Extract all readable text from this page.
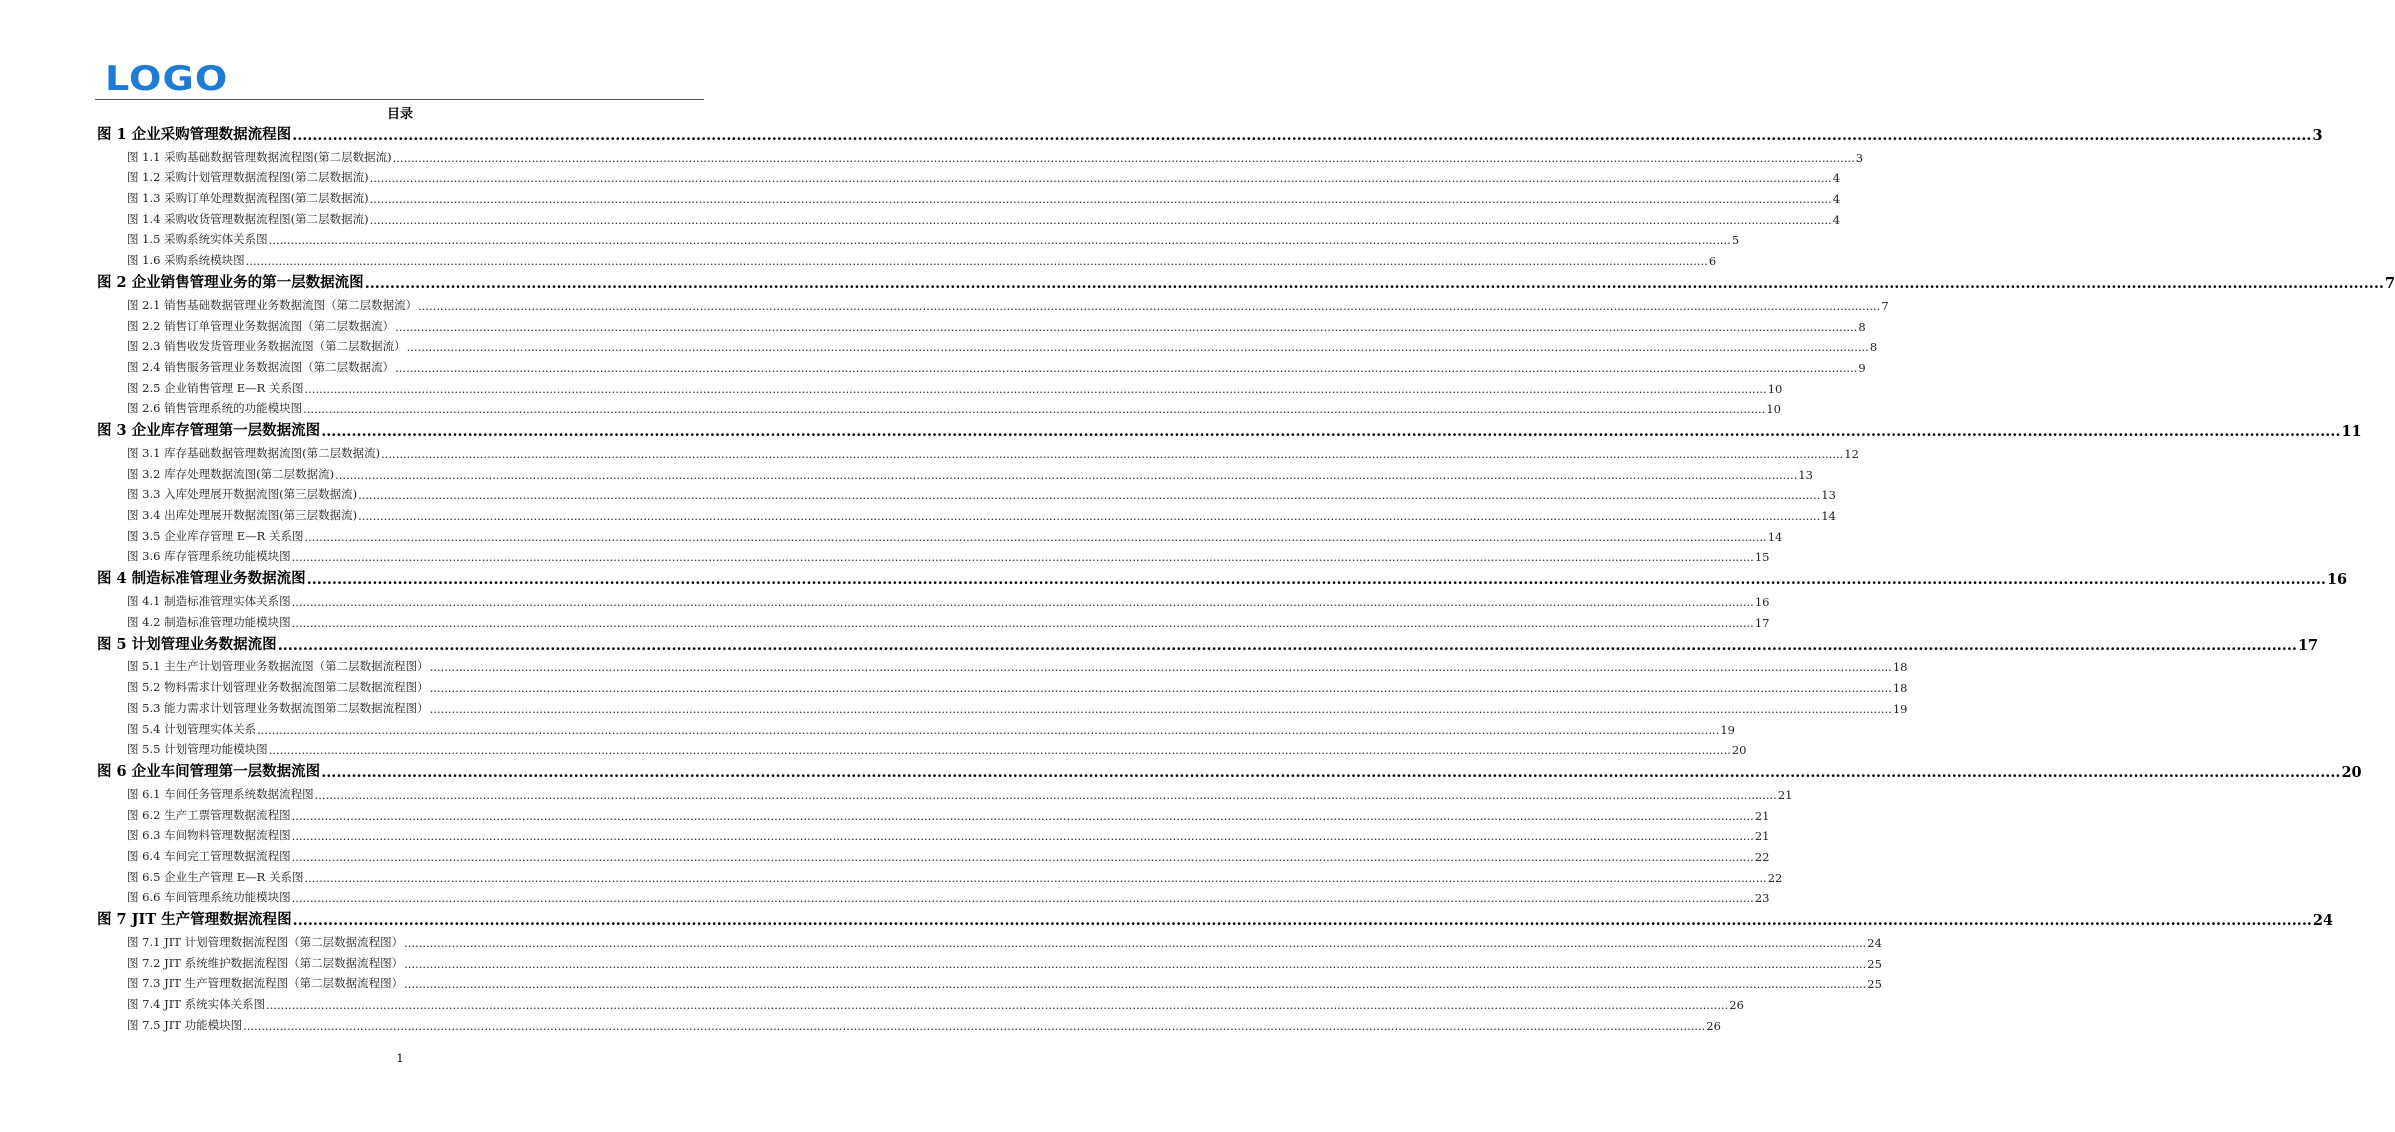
LOGO
目录
图 1 企业采购管理数据流程图 ................................................................................................................................................................................................................................................................................................................................................................................................................ 3
图 1.1 采购基础数据管理数据流程图(第二层数据流) ................................................................................................................................................................................................................................................................................................................................................................................................................ 3
图 1.2 采购计划管理数据流程图(第二层数据流) ................................................................................................................................................................................................................................................................................................................................................................................................................ 4
图 1.3 采购订单处理数据流程图(第二层数据流) ................................................................................................................................................................................................................................................................................................................................................................................................................ 4
图 1.4 采购收货管理数据流程图(第二层数据流) ................................................................................................................................................................................................................................................................................................................................................................................................................ 4
图 1.5 采购系统实体关系图 ................................................................................................................................................................................................................................................................................................................................................................................................................ 5
图 1.6 采购系统模块图 ................................................................................................................................................................................................................................................................................................................................................................................................................ 6
图 2 企业销售管理业务的第一层数据流图 ................................................................................................................................................................................................................................................................................................................................................................................................................ 7
图 2.1 销售基础数据管理业务数据流图（第二层数据流） ................................................................................................................................................................................................................................................................................................................................................................................................................ 7
图 2.2 销售订单管理业务数据流图（第二层数据流） ................................................................................................................................................................................................................................................................................................................................................................................................................ 8
图 2.3 销售收发货管理业务数据流图（第二层数据流） ................................................................................................................................................................................................................................................................................................................................................................................................................ 8
图 2.4 销售服务管理业务数据流图（第二层数据流） ................................................................................................................................................................................................................................................................................................................................................................................................................ 9
图 2.5 企业销售管理 E—R 关系图 ................................................................................................................................................................................................................................................................................................................................................................................................................ 10
图 2.6 销售管理系统的功能模块图 ................................................................................................................................................................................................................................................................................................................................................................................................................ 10
图 3 企业库存管理第一层数据流图 ................................................................................................................................................................................................................................................................................................................................................................................................................ 11
图 3.1 库存基础数据管理数据流图(第二层数据流) ................................................................................................................................................................................................................................................................................................................................................................................................................ 12
图 3.2 库存处理数据流图(第二层数据流) ................................................................................................................................................................................................................................................................................................................................................................................................................ 13
图 3.3 入库处理展开数据流图(第三层数据流) ................................................................................................................................................................................................................................................................................................................................................................................................................ 13
图 3.4 出库处理展开数据流图(第三层数据流) ................................................................................................................................................................................................................................................................................................................................................................................................................ 14
图 3.5 企业库存管理 E—R 关系图 ................................................................................................................................................................................................................................................................................................................................................................................................................ 14
图 3.6 库存管理系统功能模块图 ................................................................................................................................................................................................................................................................................................................................................................................................................ 15
图 4 制造标准管理业务数据流图 ................................................................................................................................................................................................................................................................................................................................................................................................................ 16
图 4.1 制造标准管理实体关系图 ................................................................................................................................................................................................................................................................................................................................................................................................................ 16
图 4.2 制造标准管理功能模块图 ................................................................................................................................................................................................................................................................................................................................................................................................................ 17
图 5 计划管理业务数据流图 ................................................................................................................................................................................................................................................................................................................................................................................................................ 17
图 5.1 主生产计划管理业务数据流图（第二层数据流程图） ................................................................................................................................................................................................................................................................................................................................................................................................................ 18
图 5.2 物料需求计划管理业务数据流图第二层数据流程图） ................................................................................................................................................................................................................................................................................................................................................................................................................ 18
图 5.3 能力需求计划管理业务数据流图第二层数据流程图） ................................................................................................................................................................................................................................................................................................................................................................................................................ 19
图 5.4 计划管理实体关系 ................................................................................................................................................................................................................................................................................................................................................................................................................ 19
图 5.5 计划管理功能模块图 ................................................................................................................................................................................................................................................................................................................................................................................................................ 20
图 6 企业车间管理第一层数据流图 ................................................................................................................................................................................................................................................................................................................................................................................................................ 20
图 6.1 车间任务管理系统数据流程图 ................................................................................................................................................................................................................................................................................................................................................................................................................ 21
图 6.2 生产工票管理数据流程图 ................................................................................................................................................................................................................................................................................................................................................................................................................ 21
图 6.3 车间物料管理数据流程图 ................................................................................................................................................................................................................................................................................................................................................................................................................ 21
图 6.4 车间完工管理数据流程图 ................................................................................................................................................................................................................................................................................................................................................................................................................ 22
图 6.5 企业生产管理 E—R 关系图 ................................................................................................................................................................................................................................................................................................................................................................................................................ 22
图 6.6 车间管理系统功能模块图 ................................................................................................................................................................................................................................................................................................................................................................................................................ 23
图 7 JIT 生产管理数据流程图 ................................................................................................................................................................................................................................................................................................................................................................................................................ 24
图 7.1 JIT 计划管理数据流程图（第二层数据流程图） ................................................................................................................................................................................................................................................................................................................................................................................................................ 24
图 7.2 JIT 系统维护数据流程图（第二层数据流程图） ................................................................................................................................................................................................................................................................................................................................................................................................................ 25
图 7.3 JIT 生产管理数据流程图（第二层数据流程图） ................................................................................................................................................................................................................................................................................................................................................................................................................ 25
图 7.4 JIT 系统实体关系图 ................................................................................................................................................................................................................................................................................................................................................................................................................ 26
图 7.5 JIT 功能模块图 ................................................................................................................................................................................................................................................................................................................................................................................................................ 26
1
